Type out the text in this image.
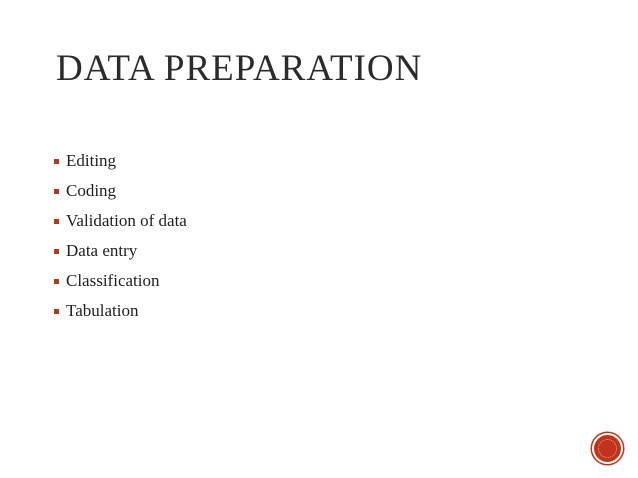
DATA PREPARATION
Editing
Coding
Validation of data
Data entry
Classification
Tabulation
